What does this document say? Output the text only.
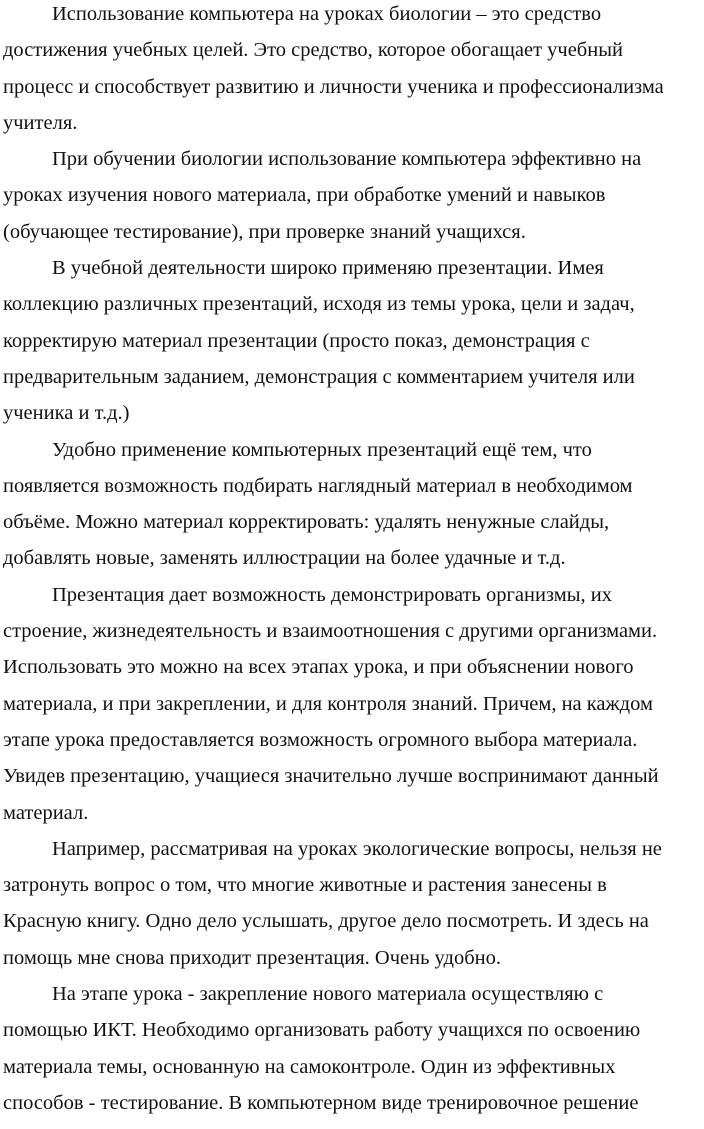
Использование компьютера на уроках биологии – это средство
достижения учебных целей. Это средство, которое обогащает учебный
процесс и способствует развитию и личности ученика и профессионализма
учителя.
При обучении биологии использование компьютера эффективно на
уроках изучения нового материала, при обработке умений и навыков
(обучающее тестирование), при проверке знаний учащихся.
В учебной деятельности широко применяю презентации. Имея
коллекцию различных презентаций, исходя из темы урока, цели и задач,
корректирую материал презентации (просто показ, демонстрация с
предварительным заданием, демонстрация с комментарием учителя или
ученика и т.д.)
Удобно применение компьютерных презентаций ещё тем, что
появляется возможность подбирать наглядный материал в необходимом
объёме. Можно материал корректировать: удалять ненужные слайды,
добавлять новые, заменять иллюстрации на более удачные и т.д.
Презентация дает возможность демонстрировать организмы, их
строение, жизнедеятельность и взаимоотношения с другими организмами.
Использовать это можно на всех этапах урока, и при объяснении нового
материала, и при закреплении, и для контроля знаний. Причем, на каждом
этапе урока предоставляется возможность огромного выбора материала.
Увидев презентацию, учащиеся значительно лучше воспринимают данный
материал.
Например, рассматривая на уроках экологические вопросы, нельзя не
затронуть вопрос о том, что многие животные и растения занесены в
Красную книгу. Одно дело услышать, другое дело посмотреть. И здесь на
помощь мне снова приходит презентация. Очень удобно.
На этапе урока - закрепление нового материала осуществляю с
помощью ИКТ. Необходимо организовать работу учащихся по освоению
материала темы, основанную на самоконтроле. Один из эффективных
способов - тестирование. В компьютерном виде тренировочное решение
